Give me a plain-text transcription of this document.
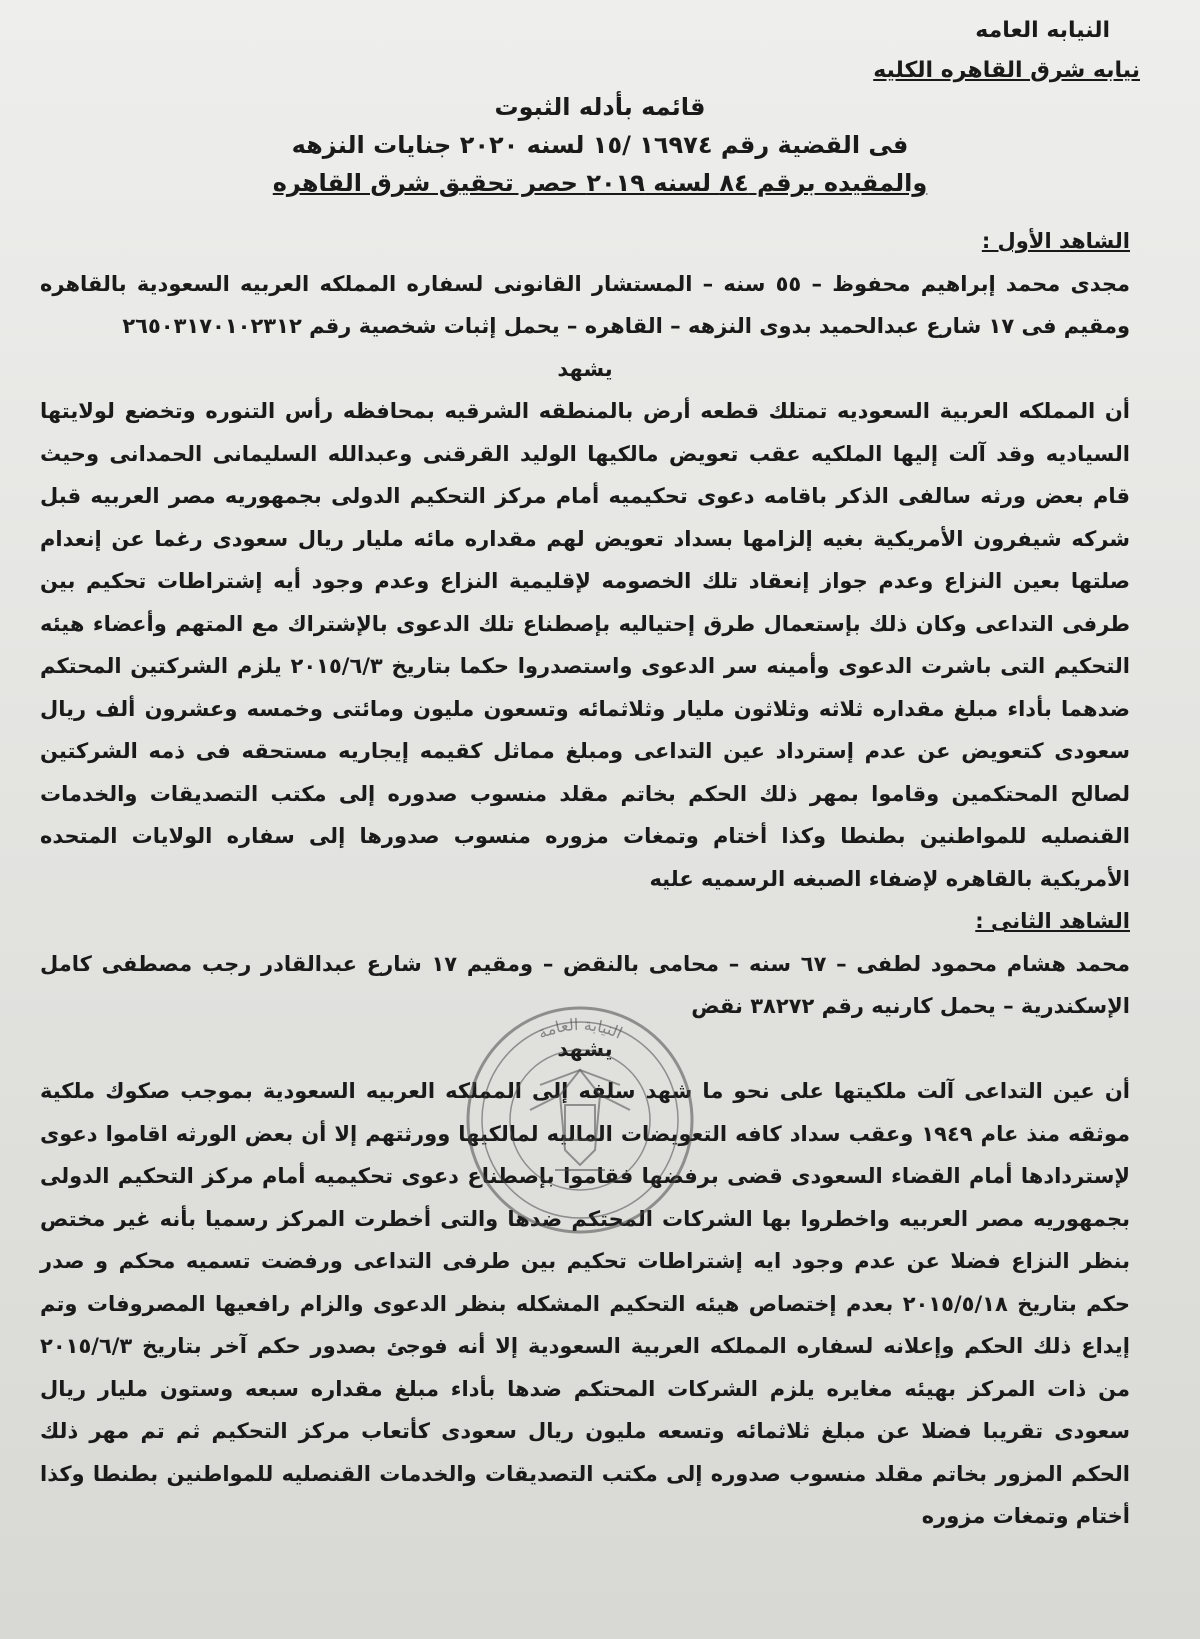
النيابه العامه
نيابه شرق القاهره الكليه
قائمه بأدله الثبوت
فى القضية رقم ١٦٩٧٤ /١٥ لسنه ٢٠٢٠ جنايات النزهه
والمقيده برقم ٨٤ لسنه ٢٠١٩ حصر تحقيق شرق القاهره

الشاهد الأول :

مجدى محمد إبراهيم محفوظ – ٥٥ سنه – المستشار القانونى لسفاره المملكه العربيه السعودية بالقاهره ومقيم فى ١٧ شارع عبدالحميد بدوى النزهه – القاهره – يحمل إثبات شخصية رقم ٢٦٥٠٣١٧٠١٠٢٣١٢

يشهد

أن المملكه العربية السعوديه تمتلك قطعه أرض بالمنطقه الشرقيه بمحافظه رأس التنوره وتخضع لولايتها السياديه وقد آلت إليها الملكيه عقب تعويض مالكيها الوليد القرقنى وعبدالله السليمانى الحمدانى وحيث قام بعض ورثه سالفى الذكر باقامه دعوى تحكيميه أمام مركز التحكيم الدولى بجمهوريه مصر العربيه قبل شركه شيفرون الأمريكية بغيه إلزامها بسداد تعويض لهم مقداره مائه مليار ريال سعودى رغما عن إنعدام صلتها بعين النزاع وعدم جواز إنعقاد تلك الخصومه لإقليمية النزاع وعدم وجود أيه إشتراطات تحكيم بين طرفى التداعى وكان ذلك بإستعمال طرق إحتياليه بإصطناع تلك الدعوى بالإشتراك مع المتهم وأعضاء هيئه التحكيم التى باشرت الدعوى وأمينه سر الدعوى واستصدروا حكما بتاريخ ٢٠١٥/٦/٣ يلزم الشركتين المحتكم ضدهما بأداء مبلغ مقداره ثلاثه وثلاثون مليار وثلاثمائه وتسعون مليون ومائتى وخمسه وعشرون ألف ريال سعودى كتعويض عن عدم إسترداد عين التداعى ومبلغ مماثل كقيمه إيجاريه مستحقه فى ذمه الشركتين لصالح المحتكمين وقاموا بمهر ذلك الحكم بخاتم مقلد منسوب صدوره إلى مكتب التصديقات والخدمات القنصليه للمواطنين بطنطا وكذا أختام وتمغات مزوره منسوب صدورها إلى سفاره الولايات المتحده الأمريكية بالقاهره لإضفاء الصبغه الرسميه عليه

الشاهد الثانى :

محمد هشام محمود لطفى – ٦٧ سنه – محامى بالنقض – ومقيم ١٧ شارع عبدالقادر رجب مصطفى كامل الإسكندرية – يحمل كارنيه رقم ٣٨٢٧٢ نقض

يشهد

أن عين التداعى آلت ملكيتها على نحو ما شهد سلفه إلى المملكه العربيه السعودية بموجب صكوك ملكية موثقه منذ عام ١٩٤٩ وعقب سداد كافه التعويضات الماليه لمالكيها وورثتهم إلا أن بعض الورثه اقاموا دعوى لإستردادها أمام القضاء السعودى قضى برفضها فقاموا بإصطناع دعوى تحكيميه أمام مركز التحكيم الدولى بجمهوريه مصر العربيه واخطروا بها الشركات المحتكم ضدها والتى أخطرت المركز رسميا بأنه غير مختص بنظر النزاع فضلا عن عدم وجود ايه إشتراطات تحكيم بين طرفى التداعى ورفضت تسميه محكم و صدر حكم بتاريخ ٢٠١٥/٥/١٨ بعدم إختصاص هيئه التحكيم المشكله بنظر الدعوى والزام رافعيها المصروفات وتم إيداع ذلك الحكم وإعلانه لسفاره المملكه العربية السعودية إلا أنه فوجئ بصدور حكم آخر بتاريخ ٢٠١٥/٦/٣ من ذات المركز بهيئه مغايره يلزم الشركات المحتكم ضدها بأداء مبلغ مقداره سبعه وستون مليار ريال سعودى تقريبا فضلا عن مبلغ ثلاثمائه وتسعه مليون ريال سعودى كأتعاب مركز التحكيم ثم تم مهر ذلك الحكم المزور بخاتم مقلد منسوب صدوره إلى مكتب التصديقات والخدمات القنصليه للمواطنين بطنطا وكذا أختام وتمغات مزوره

النيابة العامة
